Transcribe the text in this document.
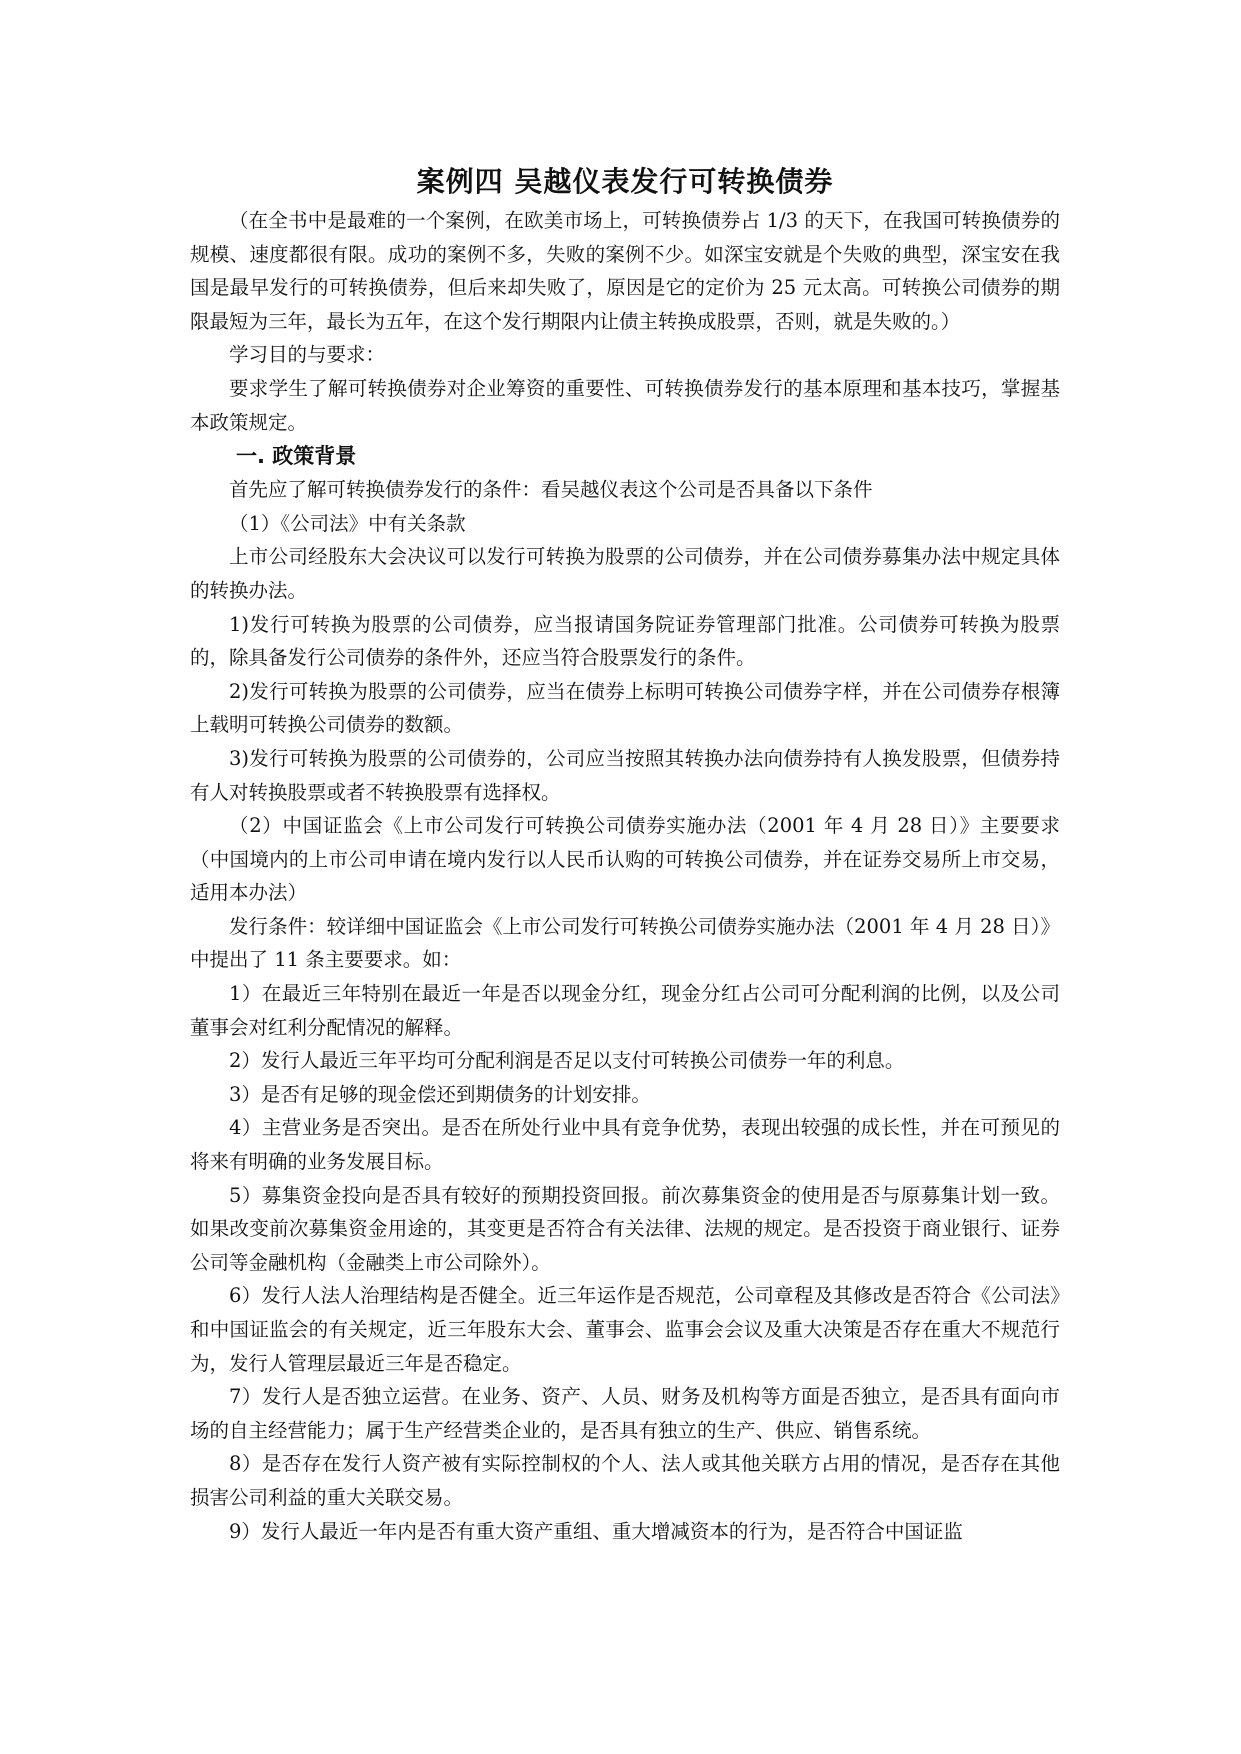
案例四 吴越仪表发行可转换债券

（在全书中是最难的一个案例，在欧美市场上，可转换债券占 1/3 的天下，在我国可转换债券的规模、速度都很有限。成功的案例不多，失败的案例不少。如深宝安就是个失败的典型，深宝安在我国是最早发行的可转换债券，但后来却失败了，原因是它的定价为 25 元太高。可转换公司债券的期限最短为三年，最长为五年，在这个发行期限内让债主转换成股票，否则，就是失败的。）

学习目的与要求：

要求学生了解可转换债券对企业筹资的重要性、可转换债券发行的基本原理和基本技巧，掌握基本政策规定。

一. 政策背景

首先应了解可转换债券发行的条件：看吴越仪表这个公司是否具备以下条件

（1）《公司法》中有关条款

上市公司经股东大会决议可以发行可转换为股票的公司债券，并在公司债券募集办法中规定具体的转换办法。

1)发行可转换为股票的公司债券，应当报请国务院证券管理部门批准。公司债券可转换为股票的，除具备发行公司债券的条件外，还应当符合股票发行的条件。

2)发行可转换为股票的公司债券，应当在债券上标明可转换公司债券字样，并在公司债券存根簿上载明可转换公司债券的数额。

3)发行可转换为股票的公司债券的，公司应当按照其转换办法向债券持有人换发股票，但债券持有人对转换股票或者不转换股票有选择权。

（2）中国证监会《上市公司发行可转换公司债券实施办法（2001 年 4 月 28 日）》主要要求 （中国境内的上市公司申请在境内发行以人民币认购的可转换公司债券，并在证券交易所上市交易，适用本办法）

发行条件：较详细中国证监会《上市公司发行可转换公司债券实施办法（2001 年 4 月 28 日）》中提出了 11 条主要要求。如：

1）在最近三年特别在最近一年是否以现金分红，现金分红占公司可分配利润的比例，以及公司董事会对红利分配情况的解释。

2）发行人最近三年平均可分配利润是否足以支付可转换公司债券一年的利息。

3）是否有足够的现金偿还到期债务的计划安排。

4）主营业务是否突出。是否在所处行业中具有竞争优势，表现出较强的成长性，并在可预见的将来有明确的业务发展目标。

5）募集资金投向是否具有较好的预期投资回报。前次募集资金的使用是否与原募集计划一致。如果改变前次募集资金用途的，其变更是否符合有关法律、法规的规定。是否投资于商业银行、证券公司等金融机构（金融类上市公司除外）。

6）发行人法人治理结构是否健全。近三年运作是否规范，公司章程及其修改是否符合《公司法》和中国证监会的有关规定，近三年股东大会、董事会、监事会会议及重大决策是否存在重大不规范行为，发行人管理层最近三年是否稳定。

7）发行人是否独立运营。在业务、资产、人员、财务及机构等方面是否独立，是否具有面向市场的自主经营能力；属于生产经营类企业的，是否具有独立的生产、供应、销售系统。

8）是否存在发行人资产被有实际控制权的个人、法人或其他关联方占用的情况，是否存在其他损害公司利益的重大关联交易。

9）发行人最近一年内是否有重大资产重组、重大增减资本的行为，是否符合中国证监
